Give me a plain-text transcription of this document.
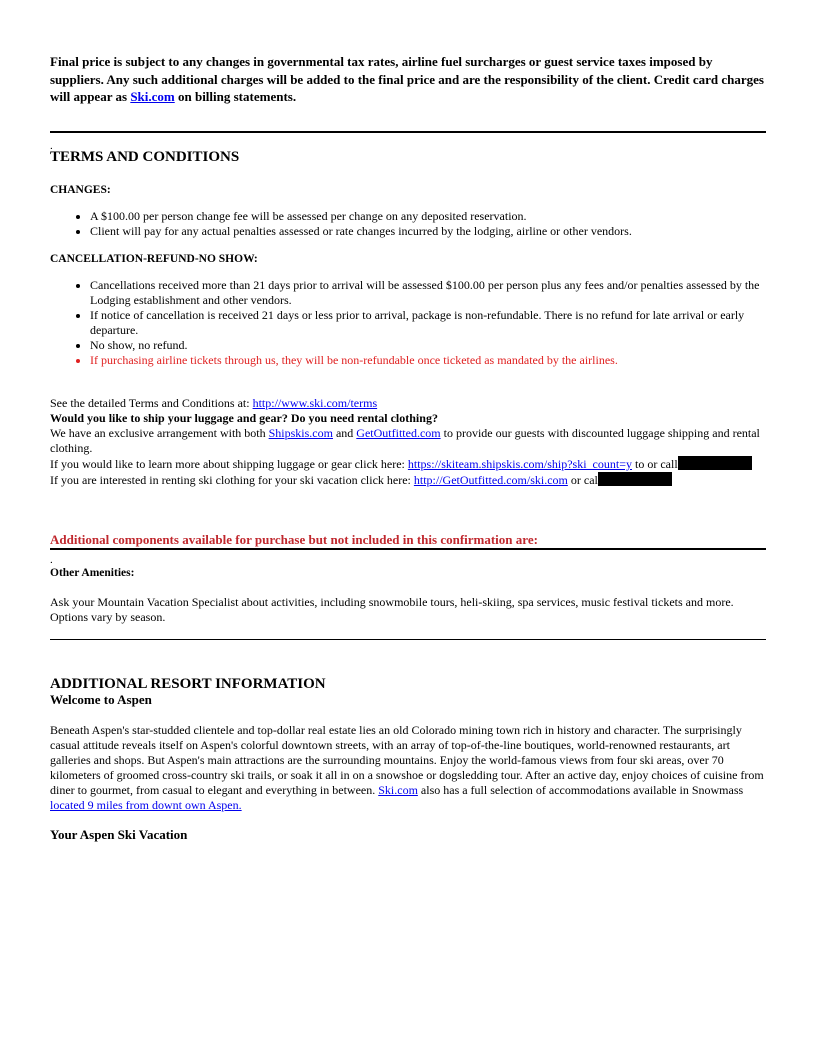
Final price is subject to any changes in governmental tax rates, airline fuel surcharges or guest service taxes imposed by suppliers. Any such additional charges will be added to the final price and are the responsibility of the client. Credit card charges will appear as Ski.com on billing statements.
.
TERMS AND CONDITIONS
CHANGES:
• A $100.00 per person change fee will be assessed per change on any deposited reservation.
• Client will pay for any actual penalties assessed or rate changes incurred by the lodging, airline or other vendors.
CANCELLATION-REFUND-NO SHOW:
• Cancellations received more than 21 days prior to arrival will be assessed $100.00 per person plus any fees and/or penalties assessed by the Lodging establishment and other vendors.
• If notice of cancellation is received 21 days or less prior to arrival, package is non-refundable. There is no refund for late arrival or early departure.
• No show, no refund.
• If purchasing airline tickets through us, they will be non-refundable once ticketed as mandated by the airlines.
See the detailed Terms and Conditions at: http://www.ski.com/terms
Would you like to ship your luggage and gear? Do you need rental clothing?
We have an exclusive arrangement with both Shipskis.com and GetOutfitted.com to provide our guests with discounted luggage shipping and rental clothing.
If you would like to learn more about shipping luggage or gear click here: https://skiteam.shipskis.com/ship?ski_count=y to or call
If you are interested in renting ski clothing for your ski vacation click here: http://GetOutfitted.com/ski.com or cal
Additional components available for purchase but not included in this confirmation are:
.
Other Amenities:
Ask your Mountain Vacation Specialist about activities, including snowmobile tours, heli-skiing, spa services, music festival tickets and more. Options vary by season.
ADDITIONAL RESORT INFORMATION
Welcome to Aspen
Beneath Aspen's star-studded clientele and top-dollar real estate lies an old Colorado mining town rich in history and character. The surprisingly casual attitude reveals itself on Aspen's colorful downtown streets, with an array of top-of-the-line boutiques, world-renowned restaurants, art galleries and shops. But Aspen's main attractions are the surrounding mountains. Enjoy the world-famous views from four ski areas, over 70 kilometers of groomed cross-country ski trails, or soak it all in on a snowshoe or dogsledding tour. After an active day, enjoy choices of cuisine from diner to gourmet, from casual to elegant and everything in between. Ski.com also has a full selection of accommodations available in Snowmass located 9 miles from downt own Aspen.
Your Aspen Ski Vacation
